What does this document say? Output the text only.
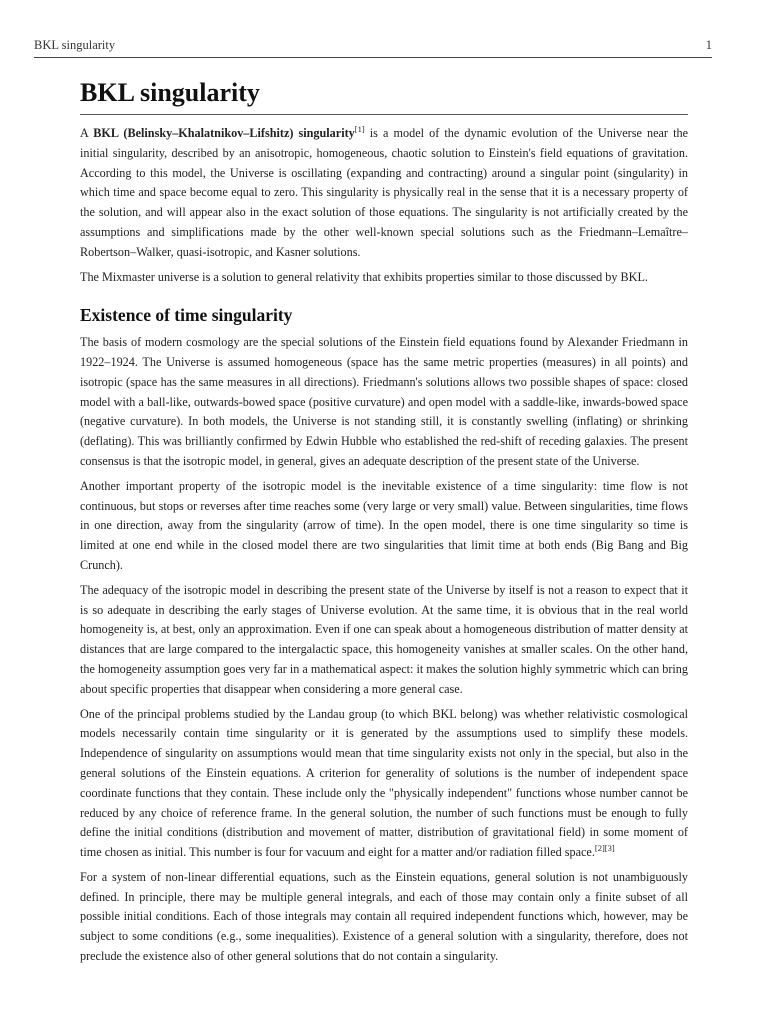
BKL singularity	1
BKL singularity

A BKL (Belinsky–Khalatnikov–Lifshitz) singularity[1] is a model of the dynamic evolution of the Universe near the initial singularity, described by an anisotropic, homogeneous, chaotic solution to Einstein's field equations of gravitation. According to this model, the Universe is oscillating (expanding and contracting) around a singular point (singularity) in which time and space become equal to zero. This singularity is physically real in the sense that it is a necessary property of the solution, and will appear also in the exact solution of those equations. The singularity is not artificially created by the assumptions and simplifications made by the other well-known special solutions such as the Friedmann–Lemaître–Robertson–Walker, quasi-isotropic, and Kasner solutions.

The Mixmaster universe is a solution to general relativity that exhibits properties similar to those discussed by BKL.

Existence of time singularity

The basis of modern cosmology are the special solutions of the Einstein field equations found by Alexander Friedmann in 1922–1924. The Universe is assumed homogeneous (space has the same metric properties (measures) in all points) and isotropic (space has the same measures in all directions). Friedmann's solutions allows two possible shapes of space: closed model with a ball-like, outwards-bowed space (positive curvature) and open model with a saddle-like, inwards-bowed space (negative curvature). In both models, the Universe is not standing still, it is constantly swelling (inflating) or shrinking (deflating). This was brilliantly confirmed by Edwin Hubble who established the red-shift of receding galaxies. The present consensus is that the isotropic model, in general, gives an adequate description of the present state of the Universe.

Another important property of the isotropic model is the inevitable existence of a time singularity: time flow is not continuous, but stops or reverses after time reaches some (very large or very small) value. Between singularities, time flows in one direction, away from the singularity (arrow of time). In the open model, there is one time singularity so time is limited at one end while in the closed model there are two singularities that limit time at both ends (Big Bang and Big Crunch).

The adequacy of the isotropic model in describing the present state of the Universe by itself is not a reason to expect that it is so adequate in describing the early stages of Universe evolution. At the same time, it is obvious that in the real world homogeneity is, at best, only an approximation. Even if one can speak about a homogeneous distribution of matter density at distances that are large compared to the intergalactic space, this homogeneity vanishes at smaller scales. On the other hand, the homogeneity assumption goes very far in a mathematical aspect: it makes the solution highly symmetric which can bring about specific properties that disappear when considering a more general case.

One of the principal problems studied by the Landau group (to which BKL belong) was whether relativistic cosmological models necessarily contain time singularity or it is generated by the assumptions used to simplify these models. Independence of singularity on assumptions would mean that time singularity exists not only in the special, but also in the general solutions of the Einstein equations. A criterion for generality of solutions is the number of independent space coordinate functions that they contain. These include only the "physically independent" functions whose number cannot be reduced by any choice of reference frame. In the general solution, the number of such functions must be enough to fully define the initial conditions (distribution and movement of matter, distribution of gravitational field) in some moment of time chosen as initial. This number is four for vacuum and eight for a matter and/or radiation filled space.[2][3]

For a system of non-linear differential equations, such as the Einstein equations, general solution is not unambiguously defined. In principle, there may be multiple general integrals, and each of those may contain only a finite subset of all possible initial conditions. Each of those integrals may contain all required independent functions which, however, may be subject to some conditions (e.g., some inequalities). Existence of a general solution with a singularity, therefore, does not preclude the existence also of other general solutions that do not contain a singularity.
